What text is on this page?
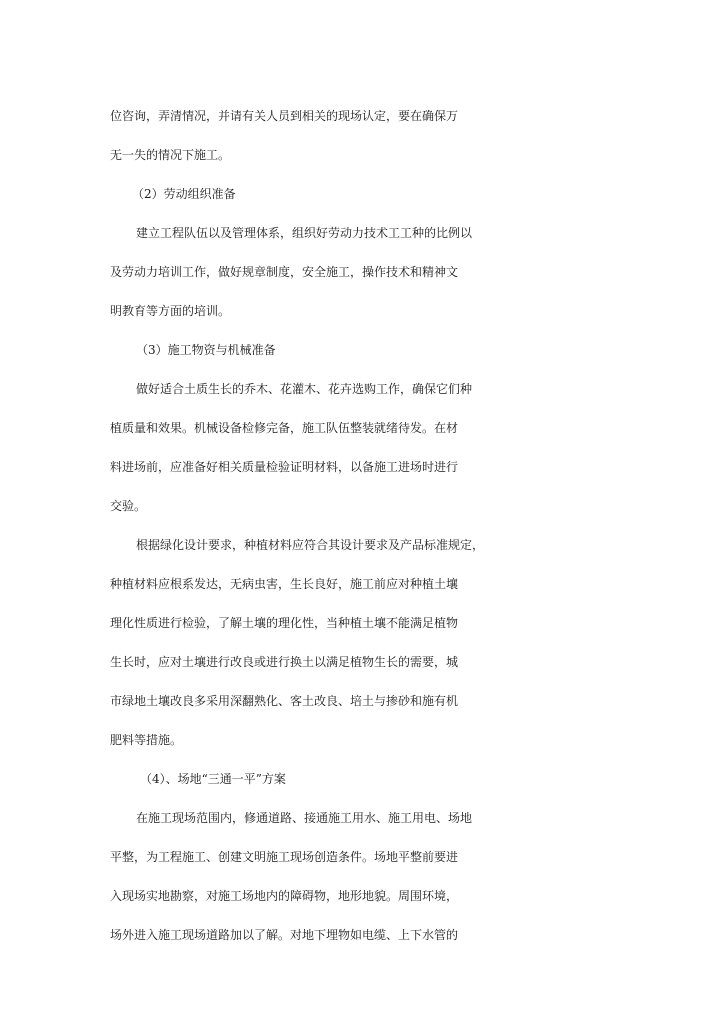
位咨询，弄清情况，并请有关人员到相关的现场认定，要在确保万
无一失的情况下施工。
（2）劳动组织准备
建立工程队伍以及管理体系，组织好劳动力技术工工种的比例以
及劳动力培训工作，做好规章制度，安全施工，操作技术和精神文
明教育等方面的培训。
（3）施工物资与机械准备
做好适合土质生长的乔木、花灌木、花卉选购工作，确保它们种
植质量和效果。机械设备检修完备，施工队伍整装就绪待发。在材
料进场前，应准备好相关质量检验证明材料，以备施工进场时进行
交验。
根据绿化设计要求，种植材料应符合其设计要求及产品标准规定，
种植材料应根系发达，无病虫害，生长良好，施工前应对种植土壤
理化性质进行检验，了解土壤的理化性，当种植土壤不能满足植物
生长时，应对土壤进行改良或进行换土以满足植物生长的需要，城
市绿地土壤改良多采用深翻熟化、客土改良、培土与掺砂和施有机
肥料等措施。
（4）、场地“三通一平”方案
在施工现场范围内，修通道路、接通施工用水、施工用电、场地
平整，为工程施工、创建文明施工现场创造条件。场地平整前要进
入现场实地勘察，对施工场地内的障碍物，地形地貌。周围环境，
场外进入施工现场道路加以了解。对地下埋物如电缆、上下水管的
